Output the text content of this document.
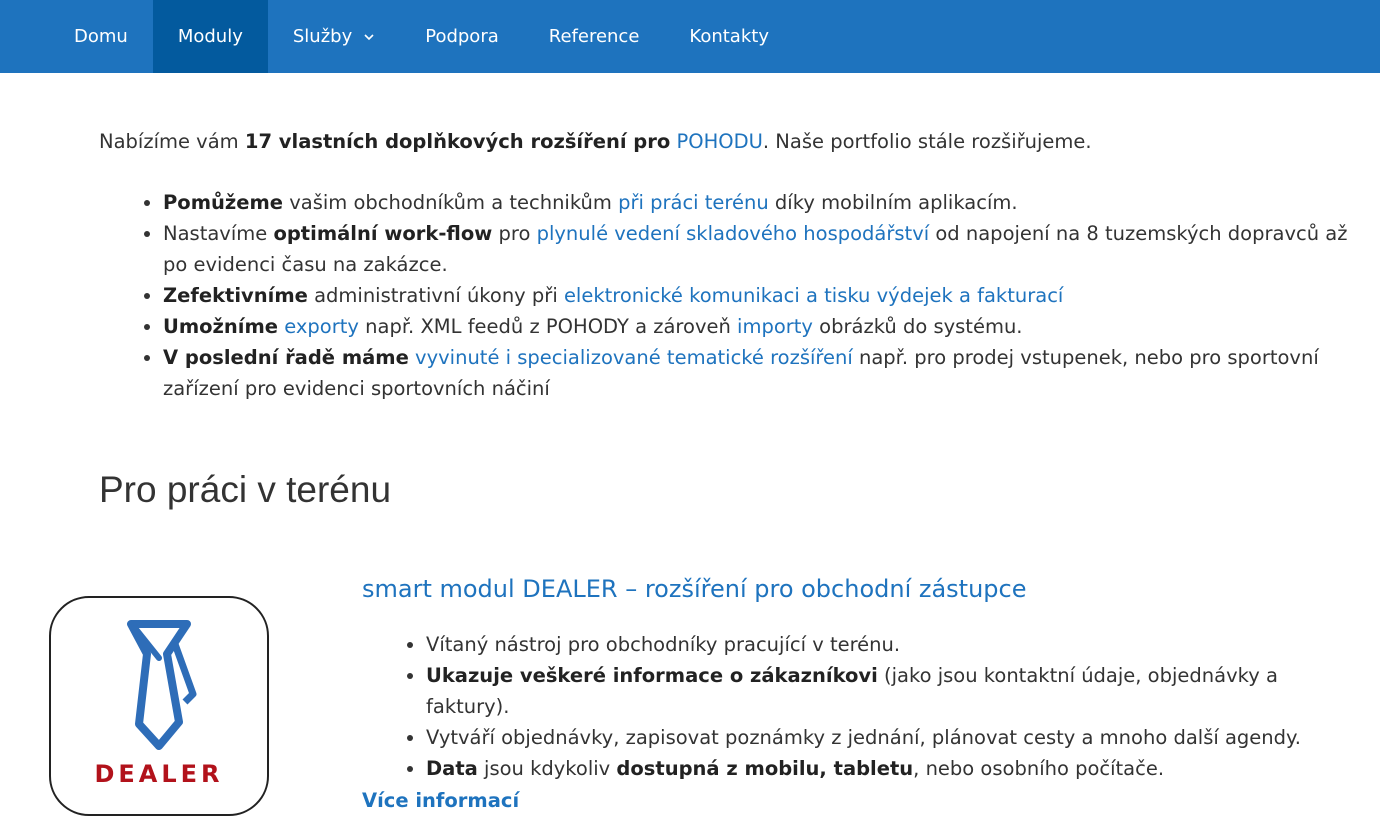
Domu	Moduly	Služby	Podpora	Reference	Kontakty

Nabízíme vám 17 vlastních doplňkových rozšíření pro POHODU. Naše portfolio stále rozšiřujeme.

• Pomůžeme vašim obchodníkům a technikům při práci terénu díky mobilním aplikacím.
• Nastavíme optimální work-flow pro plynulé vedení skladového hospodářství od napojení na 8 tuzemských dopravců až po evidenci času na zakázce.
• Zefektivníme administrativní úkony při elektronické komunikaci a tisku výdejek a fakturací
• Umožníme exporty např. XML feedů z POHODY a zároveň importy obrázků do systému.
• V poslední řadě máme vyvinuté i specializované tematické rozšíření např. pro prodej vstupenek, nebo pro sportovní zařízení pro evidenci sportovních náčiní
Pro práci v terénu
DEALER
smart modul DEALER – rozšíření pro obchodní zástupce
• Vítaný nástroj pro obchodníky pracující v terénu.
• Ukazuje veškeré informace o zákazníkovi (jako jsou kontaktní údaje, objednávky a faktury).
• Vytváří objednávky, zapisovat poznámky z jednání, plánovat cesty a mnoho další agendy.
• Data jsou kdykoliv dostupná z mobilu, tabletu, nebo osobního počítače.
Více informací
